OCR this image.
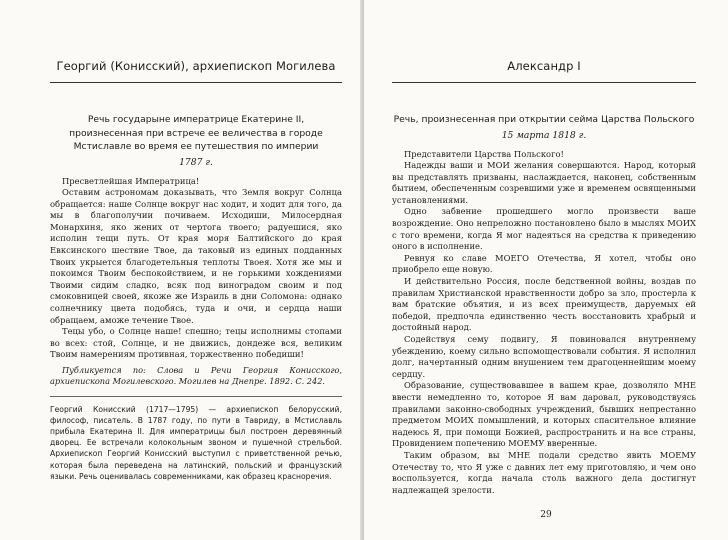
Георгий (Конисский), архиепископ Могилева
Речь государыне императрице Екатерине II, произнесенная при встрече ее величества в городе Мстиславле во время ее путешествия по империи
1787 г.

Пресветлейшая Императрица!

Оставим астрономам доказывать, что Земля вокруг Солнца обращается: наше Солнце вокруг нас ходит, и ходит для того, да мы в благополучии почиваем. Исходиши, Милосердная Монархиня, яко жених от чертога твоего; радуешися, яко исполин тещи путь. От края моря Балтийского до края Евксинского шествие Твое, да таковый из единых подданных Твоих укрыется благодетельныя теплоты Твоея. Хотя же мы и покоимся Твоим беспокойствием, и не горькими хождениями Твоими сидим сладко, всяк под виноградом своим и под смоковницей своей, якоже же Израиль в дни Соломона: однако солнечнику цвета подобясь, туда и очи, и сердца наши обращаем, аможе течение Твое.

Тецы убо, о Солнце наше! спешно; тецы исполнимы стопами во всех: стой, Солнце, и не движись, дондеже вся, великим Твоим намерениям противная, торжественно победиши!

Публикуется по: Слова и Речи Георгия Конисского, архиепископа Могилевского. Могилев на Днепре. 1892. С. 242.

Георгий Конисский (1717—1795) — архиепископ белорусский, философ, писатель. В 1787 году, по пути в Тавриду, в Мстиславль прибыла Екатерина II. Для императрицы был построен деревянный дворец. Ее встречали колокольным звоном и пушечной стрельбой. Архиепископ Георгий Конисский выступил с приветственной речью, которая была переведена на латинский, польский и французский языки. Речь оценивалась современниками, как образец красноречия.

Александр I
Речь, произнесенная при открытии сейма Царства Польского
15 марта 1818 г.

Представители Царства Польского!

Надежды ваши и МОИ желания совершаются. Народ, который вы представлять призваны, наслаждается, наконец, собственным бытием, обеспеченным созревшими уже и временем освященными установлениями.

Одно забвение прошедшего могло произвести ваше возрождение. Оно непреложно постановлено было в мыслях МОИХ с того времени, когда Я мог надеяться на средства к приведению оного в исполнение.

Ревнуя ко славе МОЕГО Отечества, Я хотел, чтобы оно приобрело еще новую.

И действительно Россия, после бедственной войны, воздав по правилам Христианской нравственности добро за зло, простерла к вам братские объятия, и из всех преимуществ, даруемых ей победой, предпочла единственно честь восстановить храбрый и достойный народ.

Содействуя сему подвигу, Я повиновался внутреннему убеждению, коему сильно вспомоществовали события. Я исполнил долг, начертанный одним внушением тем драгоценнейшим моему сердцу.

Образование, существовавшее в вашем крае, дозволяло МНЕ ввести немедленно то, которое Я вам даровал, руководствуясь правилами законно-свободных учреждений, бывших непрестанно предметом МОИХ помышлений, и которых спасительное влияние надеюсь Я, при помощи Божией, распространить и на все страны, Провидением попечению МОЕМУ вверенные.

Таким образом, вы МНЕ подали средство явить МОЕМУ Отечеству то, что Я уже с давних лет ему приготовляю, и чем оно воспользуется, когда начала столь важного дела достигнут надлежащей зрелости.

29
